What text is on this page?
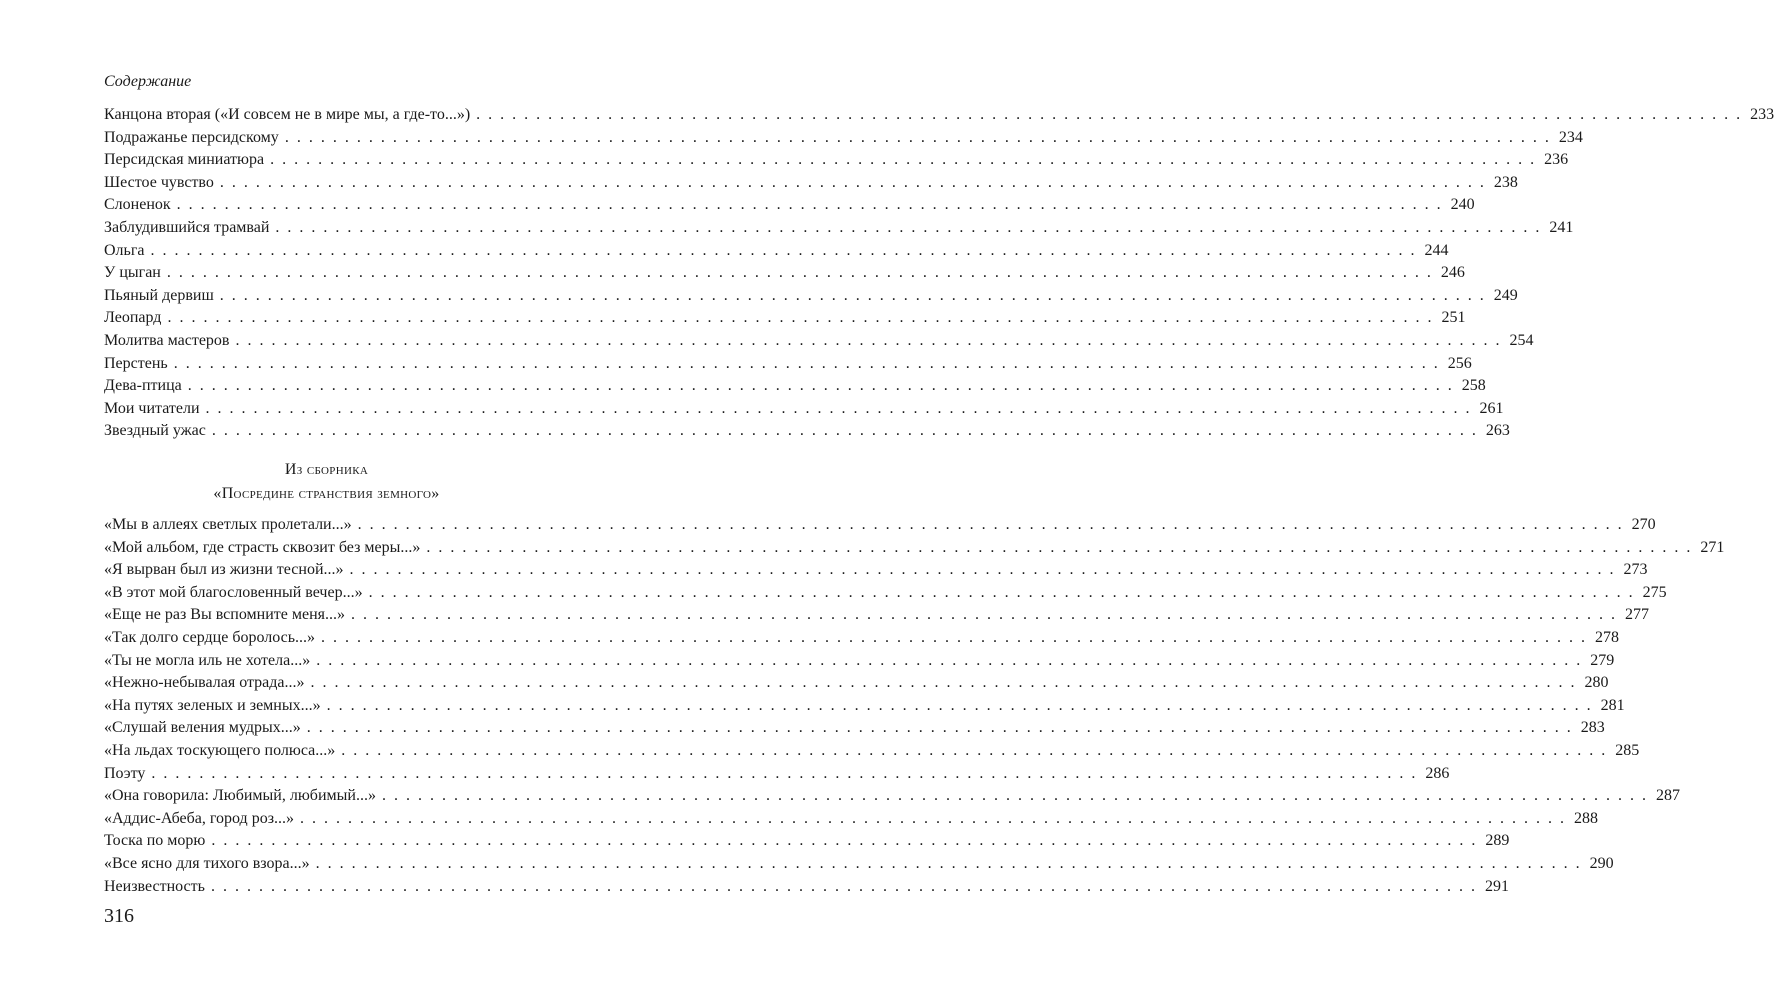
Содержание
Канцона вторая («И совсем не в мире мы, а где-то...») . . .	233
Подражанье персидскому . . .	234
Персидская миниатюра . . .	236
Шестое чувство . . .	238
Слоненок . . .	240
Заблудившийся трамвай . . .	241
Ольга . . .	244
У цыган . . .	246
Пьяный дервиш . . .	249
Леопард . . .	251
Молитва мастеров . . .	254
Перстень . . .	256
Дева-птица . . .	258
Мои читатели . . .	261
Звездный ужас . . .	263
Из сборника
«Посредине странствия земного»
«Мы в аллеях светлых пролетали...» . . .	270
«Мой альбом, где страсть сквозит без меры...» . . .	271
«Я вырван был из жизни тесной...» . . .	273
«В этот мой благословенный вечер...» . . .	275
«Еще не раз Вы вспомните меня...» . . .	277
«Так долго сердце боролось...» . . .	278
«Ты не могла иль не хотела...» . . .	279
«Нежно-небывалая отрада...» . . .	280
«На путях зеленых и земных...» . . .	281
«Слушай веления мудрых...» . . .	283
«На льдах тоскующего полюса...» . . .	285
Поэту . . .	286
«Она говорила: Любимый, любимый...» . . .	287
«Аддис-Абеба, город роз...» . . .	288
Тоска по морю . . .	289
«Все ясно для тихого взора...» . . .	290
Неизвестность . . .	291
316
